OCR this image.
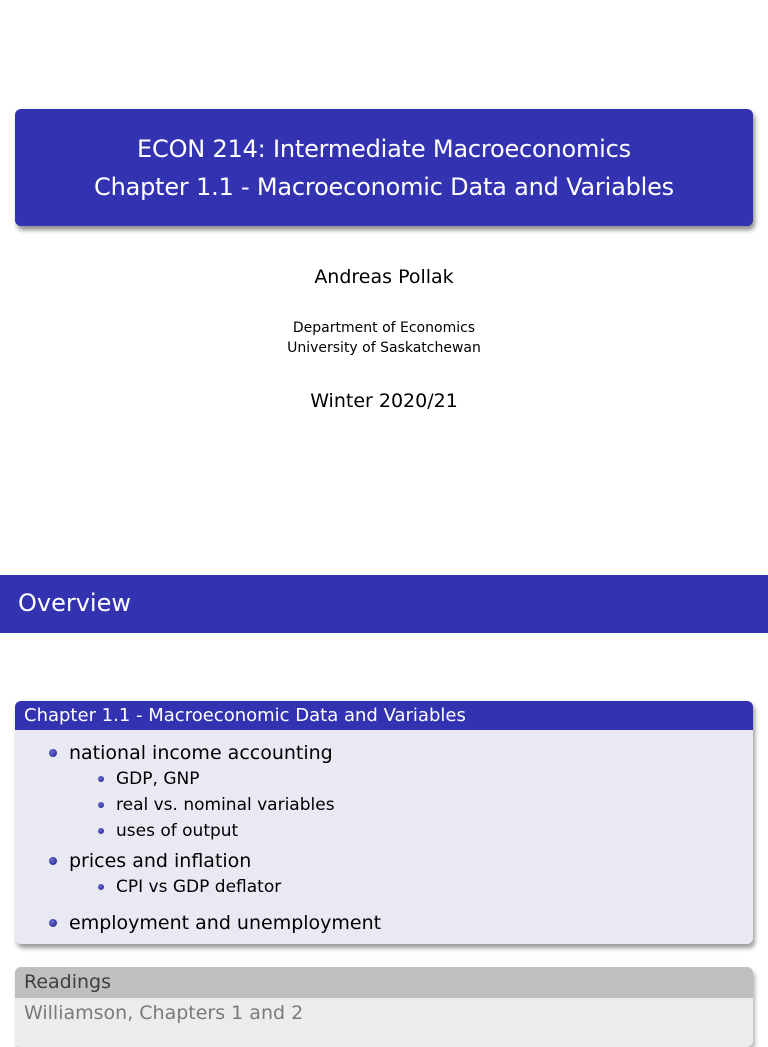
ECON 214: Intermediate Macroeconomics
Chapter 1.1 - Macroeconomic Data and Variables
Andreas Pollak
Department of Economics
University of Saskatchewan
Winter 2020/21
Overview
Chapter 1.1 - Macroeconomic Data and Variables
national income accounting
GDP, GNP
real vs. nominal variables
uses of output
prices and inflation
CPI vs GDP deflator
employment and unemployment
Readings
Williamson, Chapters 1 and 2
